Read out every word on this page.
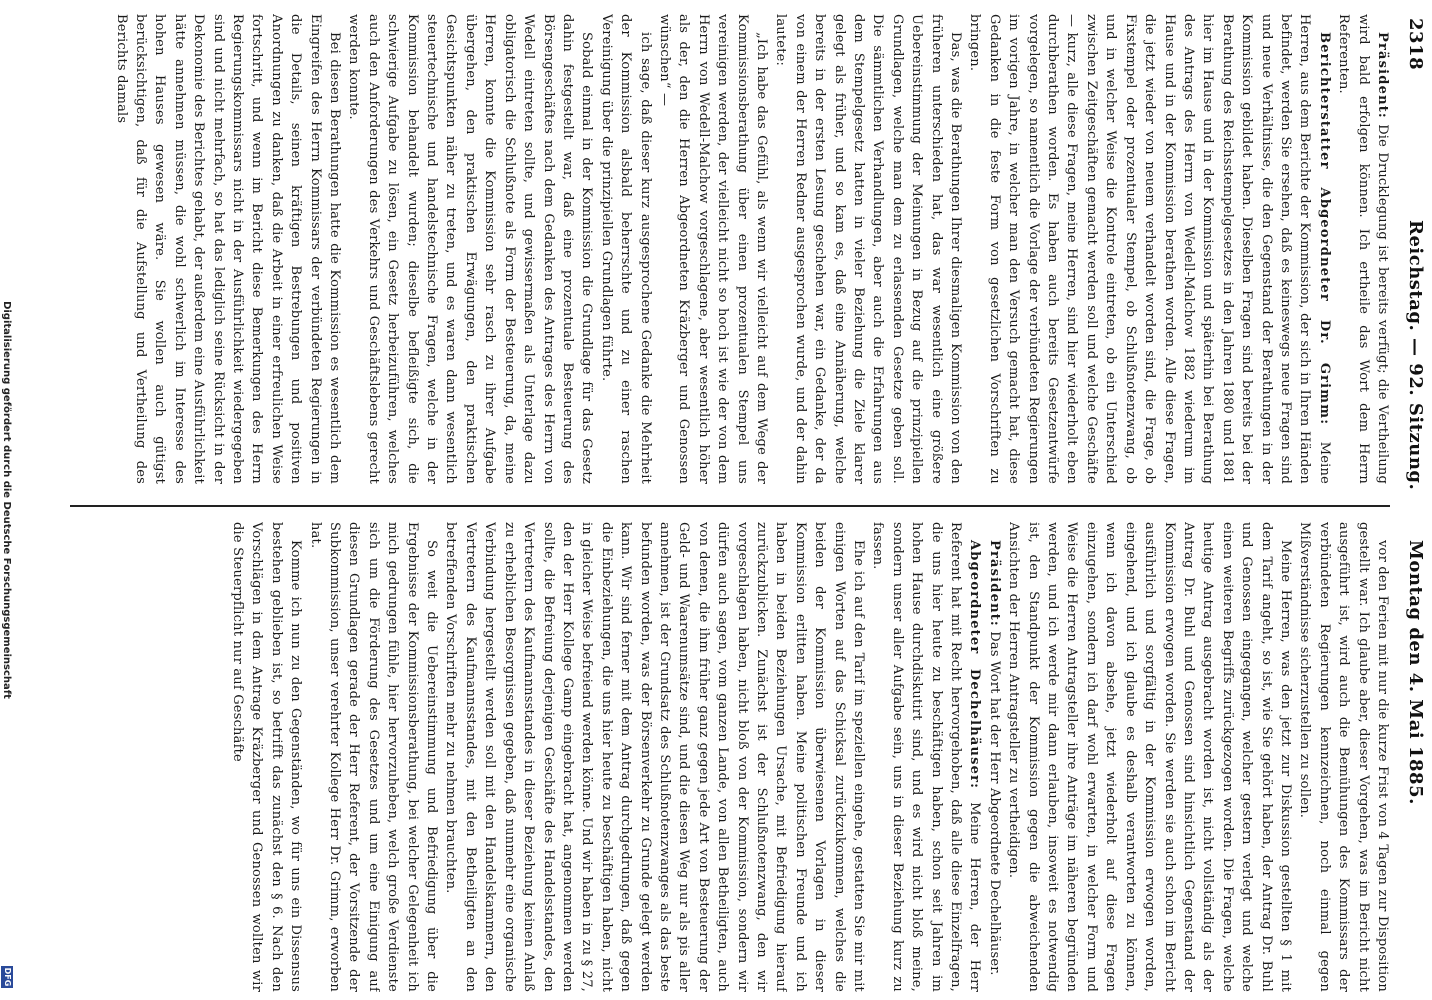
2318
Reichstag. — 92. Sitzung.
Montag den 4. Mai 1885.

Präsident: Die Drucklegung ist bereits verfügt; die Vertheilung wird bald erfolgen können. Ich ertheile das Wort dem Herrn Referenten.

Berichterstatter Abgeordneter Dr. Grimm: Meine Herren, aus dem Berichte der Kommission, der sich in Ihren Händen befindet, werden Sie ersehen, daß es keineswegs neue Fragen sind und neue Verhältnisse, die den Gegenstand der Berathungen in der Kommission gebildet haben. Dieselben Fragen sind bereits bei der Berathung des Reichsstempelgesetzes in den Jahren 1880 und 1881 hier im Hause und in der Kommission und späterhin bei Berathung des Antrags des Herrn von Wedell-Malchow 1882 wiederum im Hause und in der Kommission berathen worden. Alle diese Fragen, die jetzt wieder von neuem verhandelt worden sind, die Frage, ob Fixstempel oder prozentualer Stempel, ob Schlußnotenzwang, ob und in welcher Weise die Kontrole eintreten, ob ein Unterschied zwischen Zeitgeschäften gemacht werden soll und welche Geschäfte — kurz, alle diese Fragen, meine Herren, sind hier wiederholt eben durchberathen worden. Es haben auch bereits Gesetzentwürfe vorgelegen, so namentlich die Vorlage der verbündeten Regierungen im vorigen Jahre, in welcher man den Versuch gemacht hat, diese Gedanken in die feste Form von gesetzlichen Vorschriften zu bringen.

Das, was die Berathungen Ihrer diesmaligen Kommission von den früheren unterschieden hat, das war wesentlich eine größere Uebereinstimmung der Meinungen in Bezug auf die prinzipiellen Grundlagen, welche man dem zu erlassenden Gesetze geben soll. Die sämmtlichen Verhandlungen, aber auch die Erfahrungen aus dem Stempelgesetz hatten in vieler Beziehung die Ziele klarer gelegt als früher, und so kam es, daß eine Annäherung, welche bereits in der ersten Lesung geschehen war, ein Gedanke, der da von einem der Herren Redner ausgesprochen wurde, und der dahin lautete:

„Ich habe das Gefühl, als wenn wir vielleicht auf dem Wege der Kommissionsberathung über einen prozentualen Stempel uns vereinigen werden, der vielleicht nicht so hoch ist wie der von dem Herrn von Wedell-Malchow vorgeschlagene, aber wesentlich höher als der, den die Herren Abgeordneten Kräzberger und Genossen wünschen“ —

ich sage, daß dieser kurz ausgesprochene Gedanke die Mehrheit der Kommission alsbald beherrschte und zu einer raschen Vereinigung über die prinzipiellen Grundlagen führte.

Sobald einmal in der Kommission die Grundlage für das Gesetz dahin festgestellt war, daß eine prozentuale Besteuerung des Börsengeschäftes nach dem Gedanken des Antrages des Herrn von Wedell eintreten sollte, und gewissermaßen als Unterlage dazu obligatorisch die Schlußnote als Form der Besteuerung, da, meine Herren, konnte die Kommission sehr rasch zu ihrer Aufgabe übergehen, den praktischen Erwägungen, den praktischen Gesichtspunkten näher zu treten, und es waren dann wesentlich steuertechnische und handelstechnische Fragen, welche in der Kommission behandelt wurden; dieselbe befleißigte sich, die schwierige Aufgabe zu lösen, ein Gesetz herbeizuführen, welches auch den Anforderungen des Verkehrs und Geschäftslebens gerecht werden konnte.

Bei diesen Berathungen hatte die Kommission es wesentlich dem Eingreifen des Herrn Kommissars der verbündeten Regierungen in die Details, seinen kräftigen Bestrebungen und positiven Anordnungen zu danken, daß die Arbeit in einer erfreulichen Weise fortschritt, und wenn im Bericht diese Bemerkungen des Herrn Regierungskommissars nicht in der Ausführlichkeit wiedergegeben sind und nicht mehrfach, so hat das lediglich seine Rücksicht in der Dekonomie des Berichtes gehabt, der außerdem eine Ausführlichkeit hätte annehmen müssen, die wohl schwerlich im Interesse des hohen Hauses gewesen wäre. Sie wollen auch gütigst berücksichtigen, daß für die Aufstellung und Vertheilung des Berichts damals

vor den Ferien mit nur die kurze Frist von 4 Tagen zur Disposition gestellt war. Ich glaube aber, dieser Vorgehen, was im Bericht nicht ausgeführt ist, wird auch die Bemühungen des Kommissars der verbündeten Regierungen kennzeichnen, noch einmal gegen Mißverständnisse sicherzustellen zu sollen.

Meine Herren, was den jetzt zur Diskussion gestellten § 1 mit dem Tarif angeht, so ist, wie Sie gehört haben, der Antrag Dr. Buhl und Genossen eingegangen, welcher gestern verlegt und welche einen weiteren Begriffs zurückgezogen worden. Die Fragen, welche heutige Antrag ausgebracht worden ist, nicht vollständig als der Antrag Dr. Buhl und Genossen sind hinsichtlich Gegenstand der Kommission erwogen worden. Sie werden sie auch schon im Bericht ausführlich und sorgfältig in der Kommission erwogen worden, eingehend, und ich glaube es deshalb verantworten zu können, wenn ich davon absehe, jetzt wiederholt auf diese Fragen einzugehen, sondern ich darf wohl erwarten, in welcher Form und Weise die Herren Antragsteller ihre Anträge im näheren begründen werden, und ich werde mir dann erlauben, insoweit es notwendig ist, den Standpunkt der Kommission gegen die abweichenden Ansichten der Herren Antragsteller zu vertheidigen.

Präsident: Das Wort hat der Herr Abgeordnete Dechelhäuser.

Abgeordneter Dechelhäuser: Meine Herren, der Herr Referent hat mit Recht hervorgehoben, daß alle diese Einzelfragen, die uns hier heute zu beschäftigen haben, schon seit Jahren im hohen Hause durchdiskutirt sind, und es wird nicht bloß meine, sondern unser aller Aufgabe sein, uns in dieser Beziehung kurz zu fassen.

Ehe ich auf den Tarif im speziellen eingehe, gestatten Sie mir mit einigen Worten auf das Schicksal zurückzukommen, welches die beiden der Kommission überwiesenen Vorlagen in dieser Kommission erlitten haben. Meine politischen Freunde und ich haben in beiden Beziehungen Ursache, mit Befriedigung hierauf zurückzublicken. Zunächst ist der Schlußnotenzwang, den wir vorgeschlagen haben, nicht bloß von der Kommission, sondern wir dürfen auch sagen, vom ganzen Lande, von allen Betheiligten, auch von denen, die ihm früher ganz gegen jede Art von Besteuerung der Geld- und Waarenumsätze sind, und die diesen Weg nur als pis aller annehmen, ist der Grundsatz des Schlußnotenzwanges als das beste befunden worden, was der Börsenverkehr zu Grunde gelegt werden kann. Wir sind ferner mit dem Antrag durchgedrungen, daß gegen die Einbeziehungen, die uns hier heute zu beschäftigen haben, nicht in gleicher Weise befreiend werden könne. Und wir haben in zu § 27, den der Herr Kollege Gamp eingebracht hat, angenommen werden sollte, die Befreiung derjenigen Geschäfte des Handelsstandes, den Vertretern des Kaufmannsstandes in dieser Beziehung keinen Anlaß zu erheblichen Besorgnissen gegeben, daß nunmehr eine organische Verbindung hergestellt werden soll mit den Handelskammern, den Vertretern des Kaufmannsstandes, mit den Betheiligten an den betreffenden Vorschriften mehr zu nehmen brauchten.

So weit die Uebereinstimmung und Befriedigung über die Ergebnisse der Kommissionsberathung, bei welcher Gelegenheit ich mich gedrungen fühle, hier hervorzuheben, welch große Verdienste sich um die Förderung des Gesetzes und um eine Einigung auf diesen Grundlagen gerade der Herr Referent, der Vorsitzende der Subkommission, unser verehrter Kollege Herr Dr. Grimm, erworben hat.

Komme ich nun zu den Gegenständen, wo für uns ein Dissensus bestehen geblieben ist, so betrifft das zunächst den § 6. Nach den Vorschlägen in dem Antrage Kräzberger und Genossen wollten wir die Steuerpflicht nur auf Geschäfte

Digitalisierung gefördert durch die Deutsche Forschungsgemeinschaft
DFG
